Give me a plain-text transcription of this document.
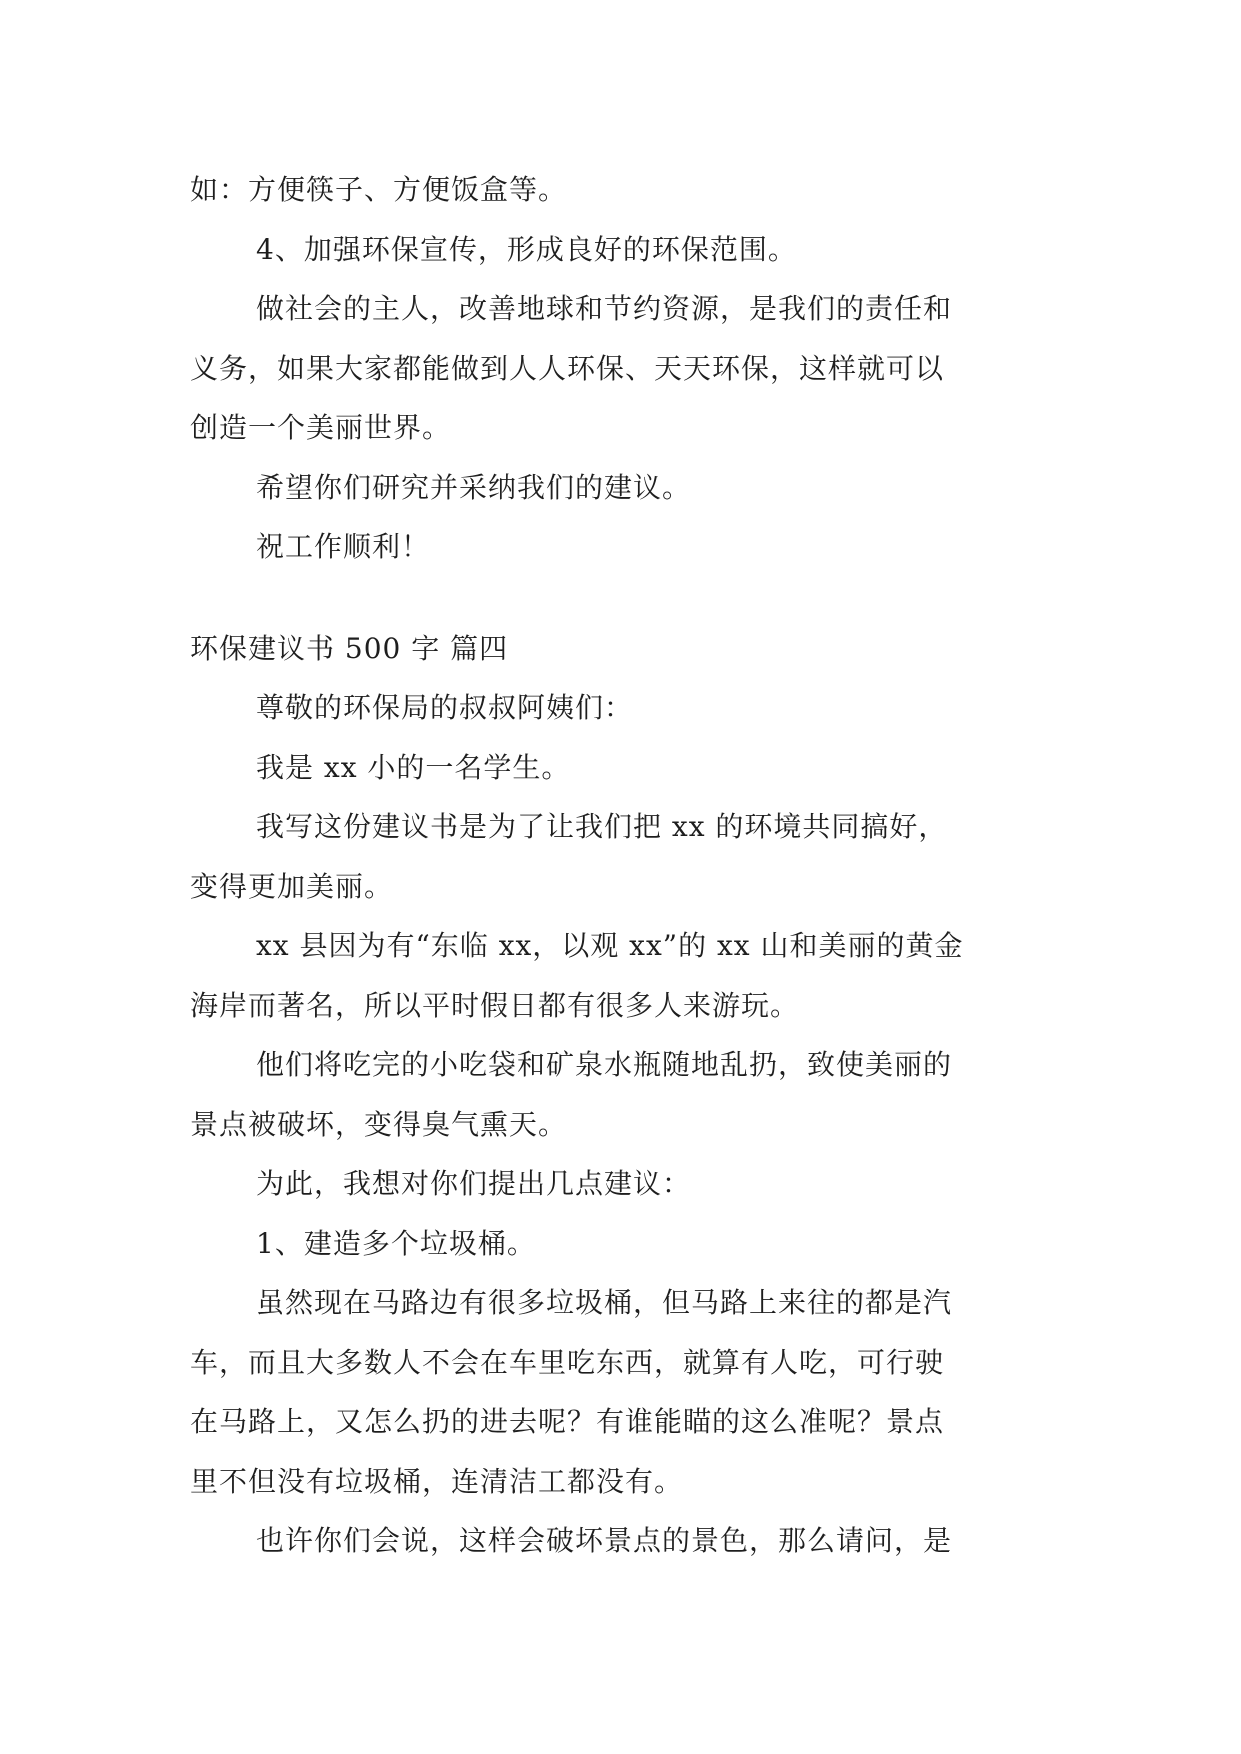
如：方便筷子、方便饭盒等。

4、加强环保宣传，形成良好的环保范围。

做社会的主人，改善地球和节约资源，是我们的责任和

义务，如果大家都能做到人人环保、天天环保，这样就可以

创造一个美丽世界。

希望你们研究并采纳我们的建议。

祝工作顺利！

环保建议书 500 字 篇四

尊敬的环保局的叔叔阿姨们：

我是 xx 小的一名学生。

我写这份建议书是为了让我们把 xx 的环境共同搞好，

变得更加美丽。

xx 县因为有“东临 xx，以观 xx”的 xx 山和美丽的黄金

海岸而著名，所以平时假日都有很多人来游玩。

他们将吃完的小吃袋和矿泉水瓶随地乱扔，致使美丽的

景点被破坏，变得臭气熏天。

为此，我想对你们提出几点建议：

1、建造多个垃圾桶。

虽然现在马路边有很多垃圾桶，但马路上来往的都是汽

车，而且大多数人不会在车里吃东西，就算有人吃，可行驶

在马路上，又怎么扔的进去呢？有谁能瞄的这么准呢？景点

里不但没有垃圾桶，连清洁工都没有。

也许你们会说，这样会破坏景点的景色，那么请问，是
